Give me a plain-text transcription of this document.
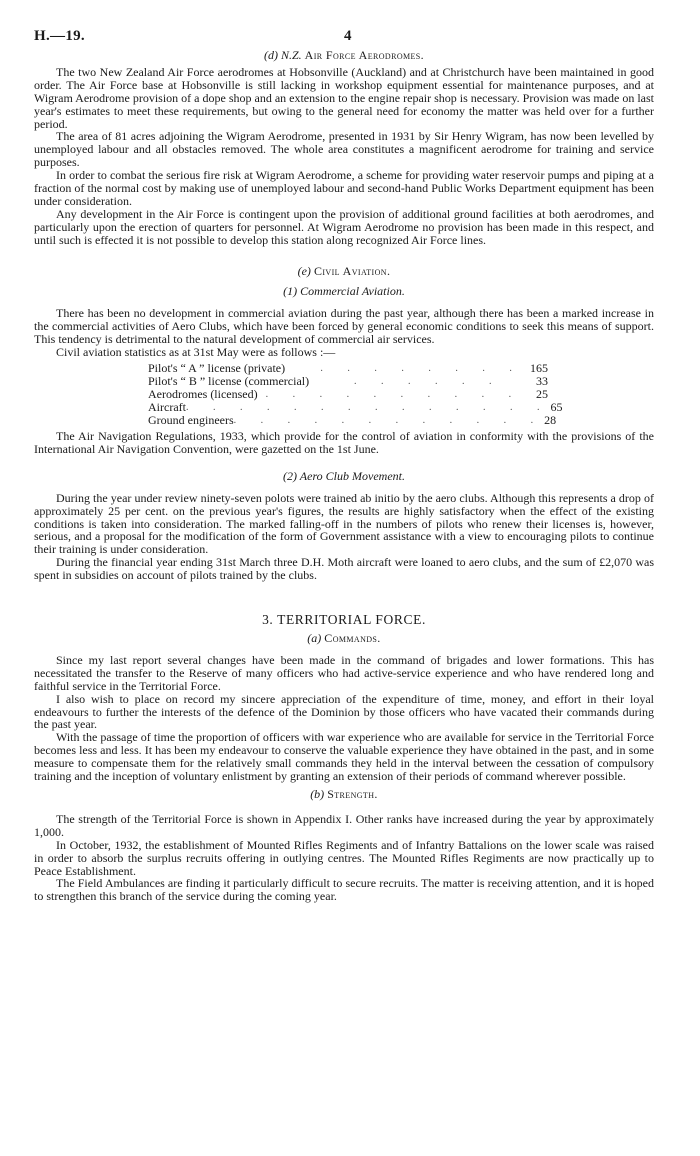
H.—19.	4
(d) N.Z. Air Force Aerodromes.

The two New Zealand Air Force aerodromes at Hobsonville (Auckland) and at Christchurch have been maintained in good order. The Air Force base at Hobsonville is still lacking in workshop equipment essential for maintenance purposes, and at Wigram Aerodrome provision of a dope shop and an extension to the engine repair shop is necessary. Provision was made on last year's estimates to meet these requirements, but owing to the general need for economy the matter was held over for a further period.

The area of 81 acres adjoining the Wigram Aerodrome, presented in 1931 by Sir Henry Wigram, has now been levelled by unemployed labour and all obstacles removed. The whole area constitutes a magnificent aerodrome for training and service purposes.

In order to combat the serious fire risk at Wigram Aerodrome, a scheme for providing water reservoir pumps and piping at a fraction of the normal cost by making use of unemployed labour and second-hand Public Works Department equipment has been under consideration.

Any development in the Air Force is contingent upon the provision of additional ground facilities at both aerodromes, and particularly upon the erection of quarters for personnel. At Wigram Aerodrome no provision has been made in this respect, and until such is effected it is not possible to develop this station along recognized Air Force lines.

(e) Civil Aviation.
(1) Commercial Aviation.

There has been no development in commercial aviation during the past year, although there has been a marked increase in the commercial activities of Aero Clubs, which have been forced by general economic conditions to seek this means of support. This tendency is detrimental to the natural development of commercial air services.

Civil aviation statistics as at 31st May were as follows :—

Pilot's “ A ” license (private)	. . . . . . . . 165
Pilot's “ B ” license (commercial)	. . . . . .	33
Aerodromes (licensed) . . . . . . . . . .	25
Aircraft . . . . . . . . . . . . . . 65
Ground engineers . . . . . . . . . . . . 28

The Air Navigation Regulations, 1933, which provide for the control of aviation in conformity with the provisions of the International Air Navigation Convention, were gazetted on the 1st June.

(2) Aero Club Movement.

During the year under review ninety-seven polots were trained ab initio by the aero clubs. Although this represents a drop of approximately 25 per cent. on the previous year's figures, the results are highly satisfactory when the effect of the existing conditions is taken into consideration. The marked falling-off in the numbers of pilots who renew their licenses is, however, serious, and a proposal for the modification of the form of Government assistance with a view to encouraging pilots to continue their training is under consideration.

During the financial year ending 31st March three D.H. Moth aircraft were loaned to aero clubs, and the sum of £2,070 was spent in subsidies on account of pilots trained by the clubs.

3. TERRITORIAL FORCE.
(a) Commands.

Since my last report several changes have been made in the command of brigades and lower formations. This has necessitated the transfer to the Reserve of many officers who had active-service experience and who have rendered long and faithful service in the Territorial Force.

I also wish to place on record my sincere appreciation of the expenditure of time, money, and effort in their loyal endeavours to further the interests of the defence of the Dominion by those officers who have vacated their commands during the past year.

With the passage of time the proportion of officers with war experience who are available for service in the Territorial Force becomes less and less. It has been my endeavour to conserve the valuable experience they have obtained in the past, and in some measure to compensate them for the relatively small commands they held in the interval between the cessation of compulsory training and the inception of voluntary enlistment by granting an extension of their periods of command wherever possible.

(b) Strength.

The strength of the Territorial Force is shown in Appendix I. Other ranks have increased during the year by approximately 1,000.

In October, 1932, the establishment of Mounted Rifles Regiments and of Infantry Battalions on the lower scale was raised in order to absorb the surplus recruits offering in outlying centres. The Mounted Rifles Regiments are now practically up to Peace Establishment.

The Field Ambulances are finding it particularly difficult to secure recruits. The matter is receiving attention, and it is hoped to strengthen this branch of the service during the coming year.
